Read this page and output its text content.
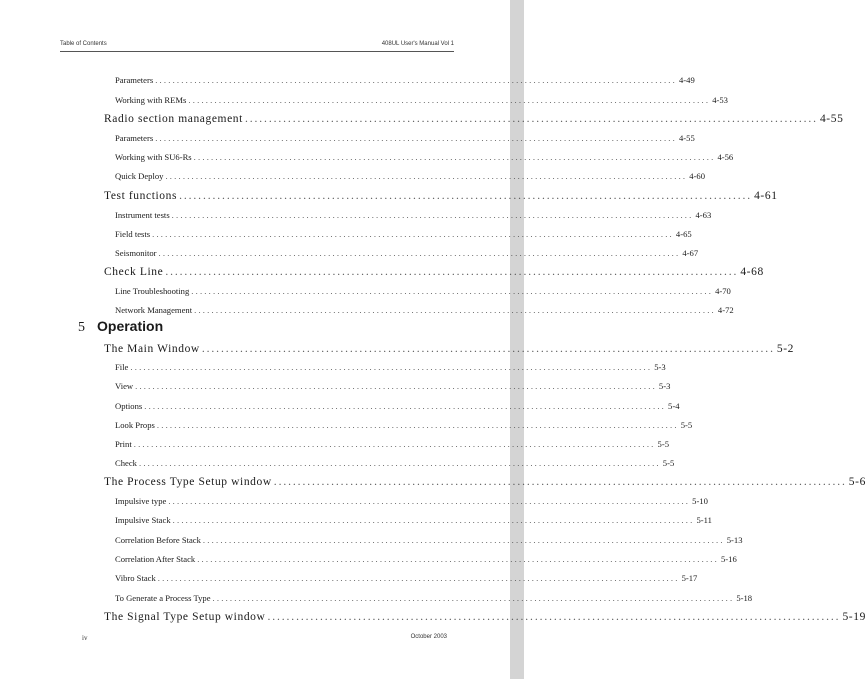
Table of Contents	408UL User's Manual Vol 1
Parameters ........................................................................................................................ 4-49
Working with REMs ........................................................................................................................ 4-53
Radio section management ........................................................................................................................ 4-55
Parameters ........................................................................................................................ 4-55
Working with SU6-Rs ........................................................................................................................ 4-56
Quick Deploy ........................................................................................................................ 4-60
Test functions ........................................................................................................................ 4-61
Instrument tests ........................................................................................................................ 4-63
Field tests ........................................................................................................................ 4-65
Seismonitor ........................................................................................................................ 4-67
Check Line ........................................................................................................................ 4-68
Line Troubleshooting ........................................................................................................................ 4-70
Network Management ........................................................................................................................ 4-72
The Main Window ........................................................................................................................ 5-2
File ........................................................................................................................ 5-3
View ........................................................................................................................ 5-3
Options ........................................................................................................................ 5-4
Look Props ........................................................................................................................ 5-5
Print ........................................................................................................................ 5-5
Check ........................................................................................................................ 5-5
The Process Type Setup window ........................................................................................................................ 5-6
Impulsive type ........................................................................................................................ 5-10
Impulsive Stack ........................................................................................................................ 5-11
Correlation Before Stack ........................................................................................................................ 5-13
Correlation After Stack ........................................................................................................................ 5-16
Vibro Stack ........................................................................................................................ 5-17
To Generate a Process Type ........................................................................................................................ 5-18
The Signal Type Setup window ........................................................................................................................ 5-19
5 Operation
iv	October 2003
